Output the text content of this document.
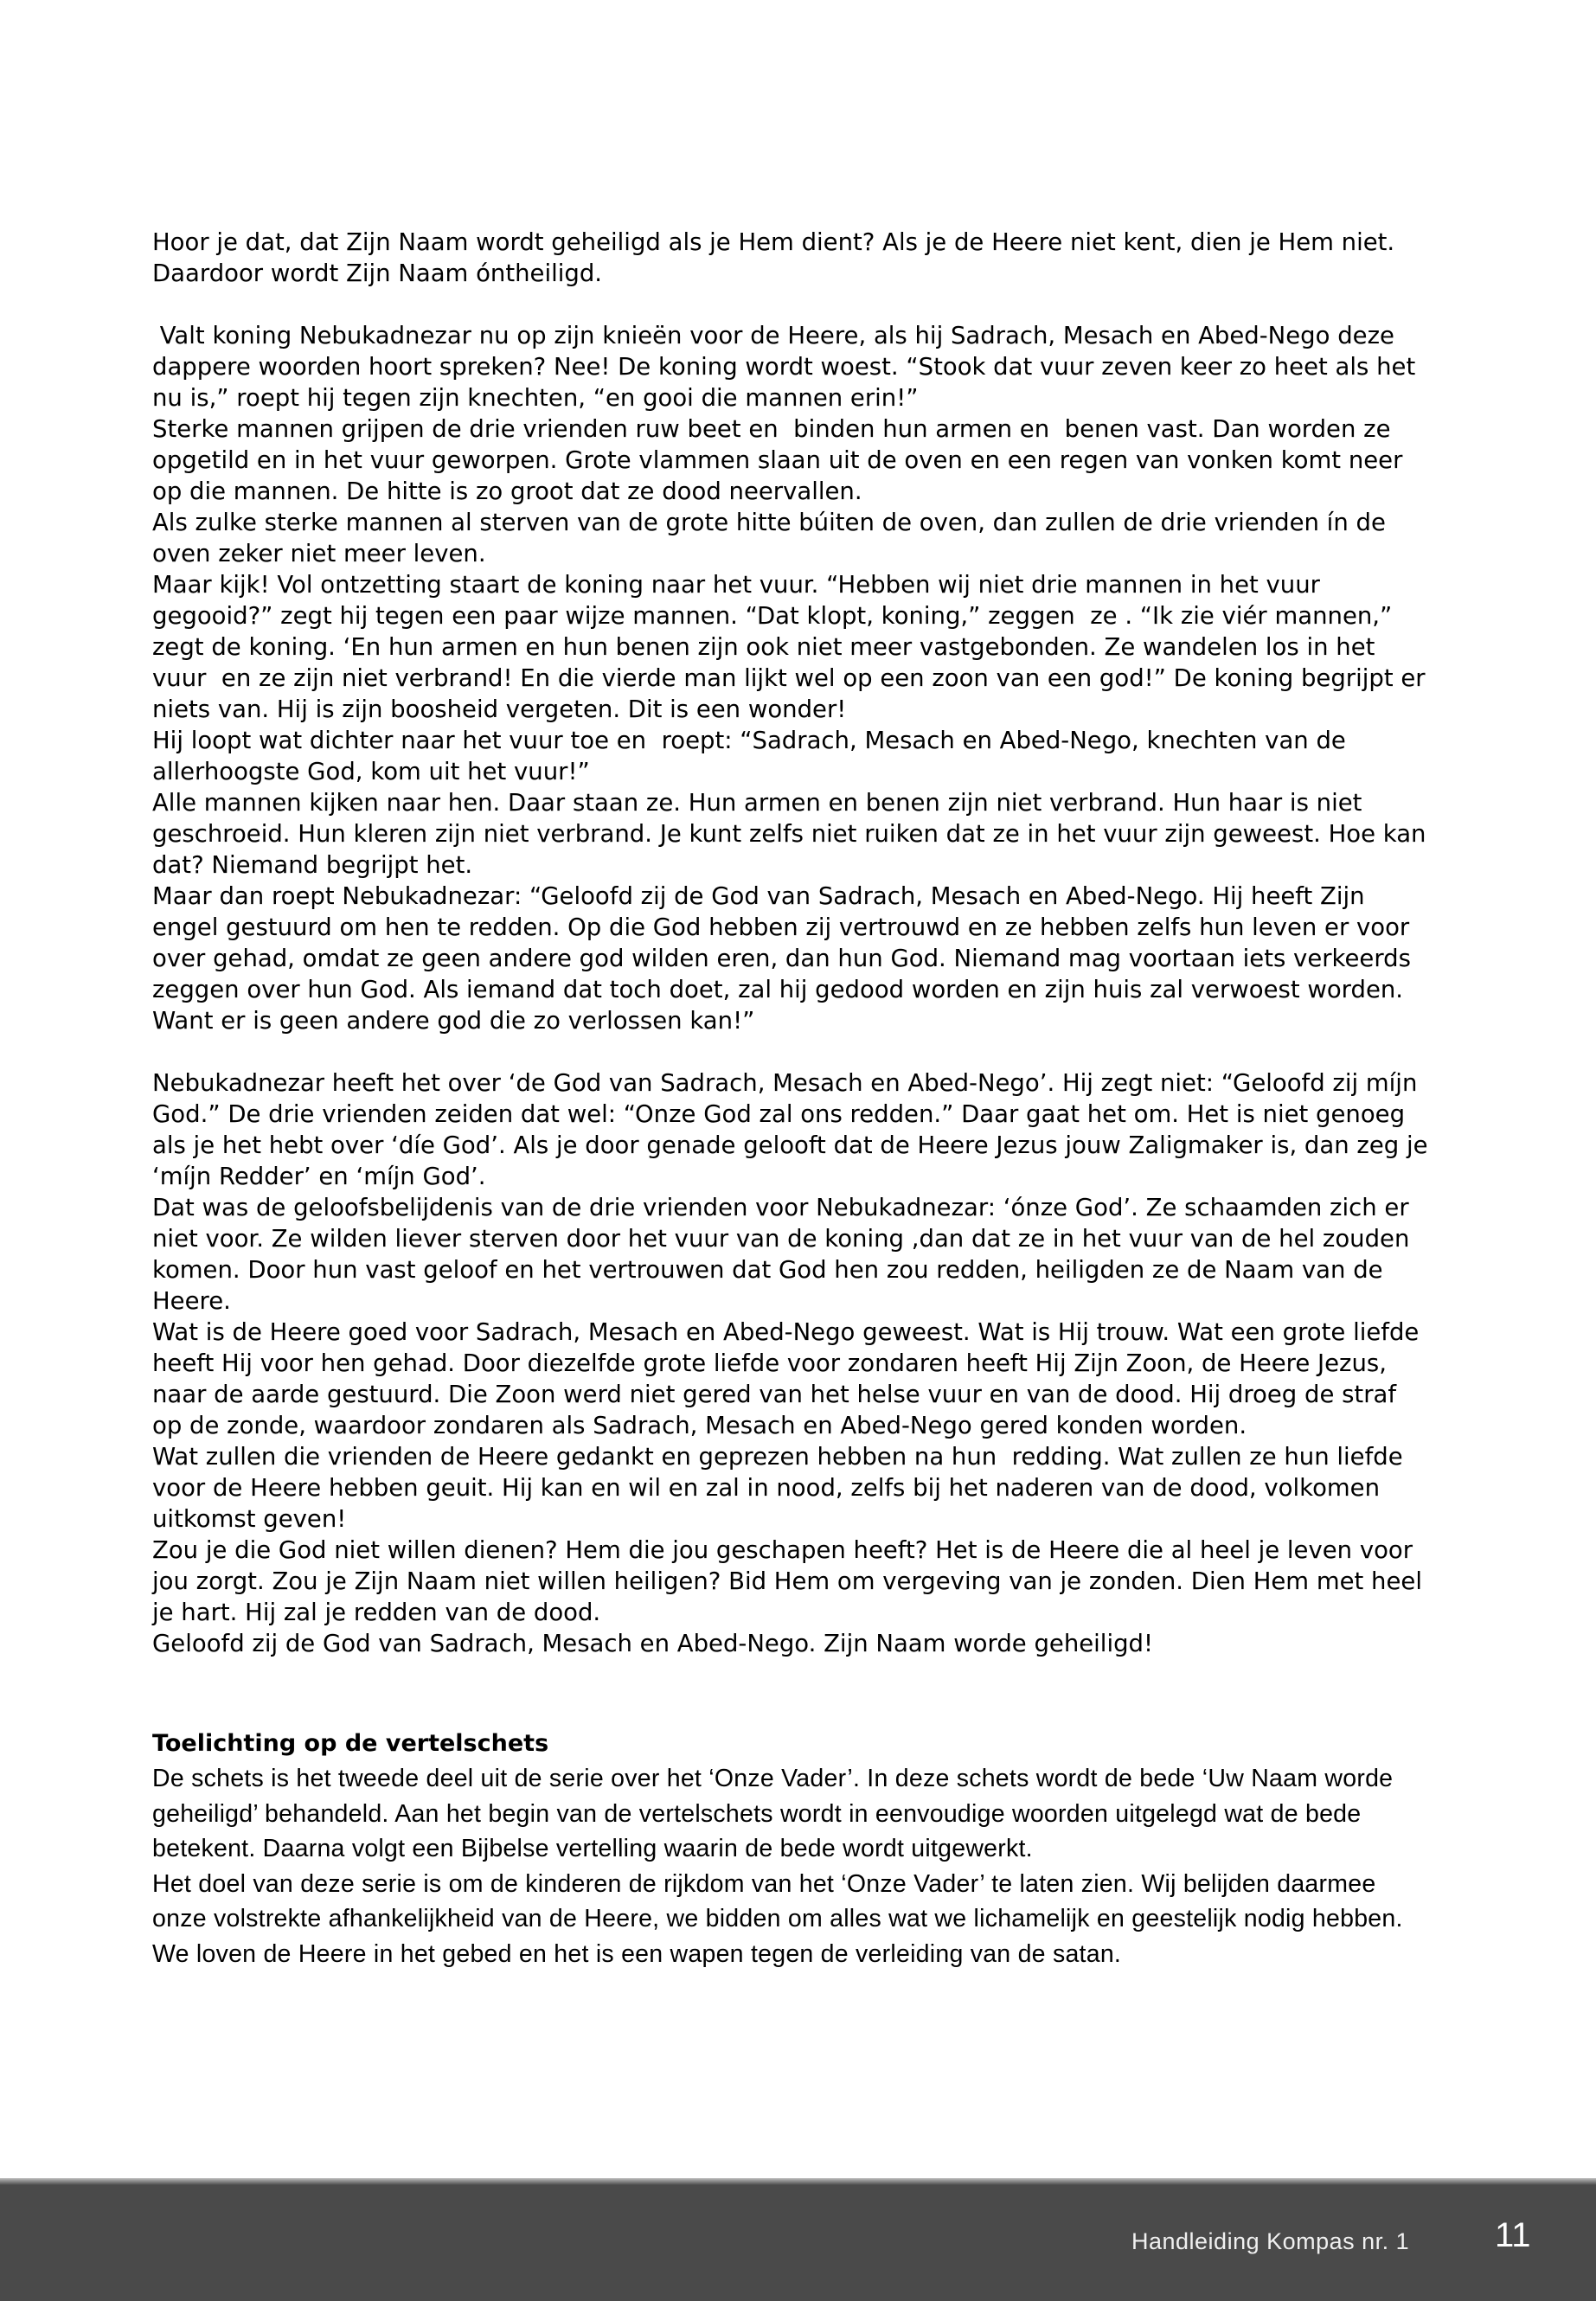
Hoor je dat, dat Zijn Naam wordt geheiligd als je Hem dient? Als je de Heere niet kent, dien je Hem niet. Daardoor wordt Zijn Naam óntheiligd.

Valt koning Nebukadnezar nu op zijn knieën voor de Heere, als hij Sadrach, Mesach en Abed-Nego deze dappere woorden hoort spreken? Nee! De koning wordt woest. “Stook dat vuur zeven keer zo heet als het nu is,” roept hij tegen zijn knechten, “en gooi die mannen erin!”

Sterke mannen grijpen de drie vrienden ruw beet en  binden hun armen en  benen vast. Dan worden ze opgetild en in het vuur geworpen. Grote vlammen slaan uit de oven en een regen van vonken komt neer op die mannen. De hitte is zo groot dat ze dood neervallen.

Als zulke sterke mannen al sterven van de grote hitte búiten de oven, dan zullen de drie vrienden ín de oven zeker niet meer leven.

Maar kijk! Vol ontzetting staart de koning naar het vuur. “Hebben wij niet drie mannen in het vuur gegooid?” zegt hij tegen een paar wijze mannen. “Dat klopt, koning,” zeggen  ze . “Ik zie viér mannen,” zegt de koning. ‘En hun armen en hun benen zijn ook niet meer vastgebonden. Ze wandelen los in het vuur  en ze zijn niet verbrand! En die vierde man lijkt wel op een zoon van een god!” De koning begrijpt er niets van. Hij is zijn boosheid vergeten. Dit is een wonder!

Hij loopt wat dichter naar het vuur toe en  roept: “Sadrach, Mesach en Abed-Nego, knechten van de allerhoogste God, kom uit het vuur!”

Alle mannen kijken naar hen. Daar staan ze. Hun armen en benen zijn niet verbrand. Hun haar is niet geschroeid. Hun kleren zijn niet verbrand. Je kunt zelfs niet ruiken dat ze in het vuur zijn geweest. Hoe kan dat? Niemand begrijpt het.

Maar dan roept Nebukadnezar: “Geloofd zij de God van Sadrach, Mesach en Abed-Nego. Hij heeft Zijn engel gestuurd om hen te redden. Op die God hebben zij vertrouwd en ze hebben zelfs hun leven er voor over gehad, omdat ze geen andere god wilden eren, dan hun God. Niemand mag voortaan iets verkeerds zeggen over hun God. Als iemand dat toch doet, zal hij gedood worden en zijn huis zal verwoest worden. Want er is geen andere god die zo verlossen kan!”

Nebukadnezar heeft het over ‘de God van Sadrach, Mesach en Abed-Nego’. Hij zegt niet: “Geloofd zij míjn God.” De drie vrienden zeiden dat wel: “Onze God zal ons redden.” Daar gaat het om. Het is niet genoeg als je het hebt over ‘díe God’. Als je door genade gelooft dat de Heere Jezus jouw Zaligmaker is, dan zeg je ‘míjn Redder’ en ‘míjn God’.

Dat was de geloofsbelijdenis van de drie vrienden voor Nebukadnezar: ‘ónze God’. Ze schaamden zich er niet voor. Ze wilden liever sterven door het vuur van de koning ,dan dat ze in het vuur van de hel zouden komen. Door hun vast geloof en het vertrouwen dat God hen zou redden, heiligden ze de Naam van de Heere.

Wat is de Heere goed voor Sadrach, Mesach en Abed-Nego geweest. Wat is Hij trouw. Wat een grote liefde heeft Hij voor hen gehad. Door diezelfde grote liefde voor zondaren heeft Hij Zijn Zoon, de Heere Jezus, naar de aarde gestuurd. Die Zoon werd niet gered van het helse vuur en van de dood. Hij droeg de straf op de zonde, waardoor zondaren als Sadrach, Mesach en Abed-Nego gered konden worden.

Wat zullen die vrienden de Heere gedankt en geprezen hebben na hun  redding. Wat zullen ze hun liefde voor de Heere hebben geuit. Hij kan en wil en zal in nood, zelfs bij het naderen van de dood, volkomen uitkomst geven!

Zou je die God niet willen dienen? Hem die jou geschapen heeft? Het is de Heere die al heel je leven voor jou zorgt. Zou je Zijn Naam niet willen heiligen? Bid Hem om vergeving van je zonden. Dien Hem met heel je hart. Hij zal je redden van de dood.

Geloofd zij de God van Sadrach, Mesach en Abed-Nego. Zijn Naam worde geheiligd!

Toelichting op de vertelschets

De schets is het tweede deel uit de serie over het ‘Onze Vader’. In deze schets wordt de bede ‘Uw Naam worde geheiligd’ behandeld. Aan het begin van de vertelschets wordt in eenvoudige woorden uitgelegd wat de bede betekent. Daarna volgt een Bijbelse vertelling waarin de bede wordt uitgewerkt.

Het doel van deze serie is om de kinderen de rijkdom van het ‘Onze Vader’ te laten zien. Wij belijden daarmee onze volstrekte afhankelijkheid van de Heere, we bidden om alles wat we lichamelijk en geestelijk nodig hebben. We loven de Heere in het gebed en het is een wapen tegen de verleiding van de satan.

Handleiding Kompas nr. 1 11
